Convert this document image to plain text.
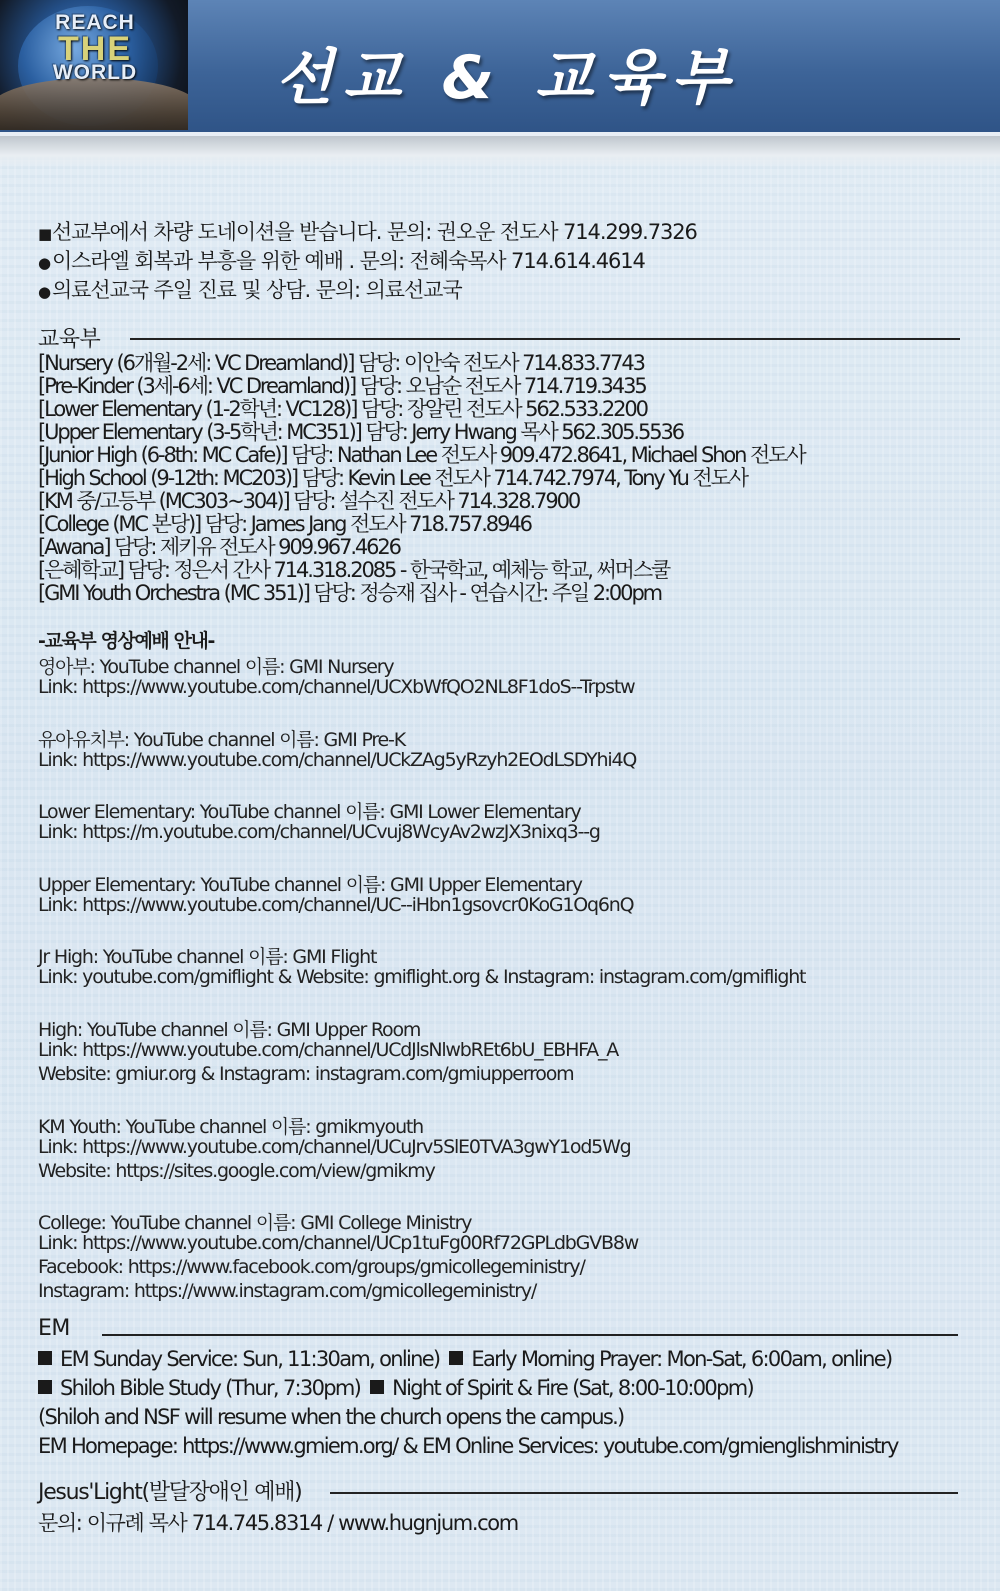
REACH
THE
WORLD	선교 & 교육부
■선교부에서 차량 도네이션을 받습니다. 문의: 권오운 전도사 714.299.7326
●이스라엘 회복과 부흥을 위한 예배 . 문의: 전혜숙목사 714.614.4614
●의료선교국 주일 진료 및 상담. 문의: 의료선교국
교육부
[Nursery (6개월-2세: VC Dreamland)] 담당: 이안숙 전도사 714.833.7743
[Pre-Kinder (3세-6세: VC Dreamland)] 담당: 오남순 전도사 714.719.3435
[Lower Elementary (1-2학년: VC128)] 담당: 장알린 전도사 562.533.2200
[Upper Elementary (3-5학년: MC351)] 담당: Jerry Hwang 목사 562.305.5536
[Junior High (6-8th: MC Cafe)] 담당: Nathan Lee 전도사 909.472.8641, Michael Shon 전도사
[High School (9-12th: MC203)] 담당: Kevin Lee 전도사 714.742.7974, Tony Yu 전도사
[KM 중/고등부 (MC303~304)] 담당: 설수진 전도사 714.328.7900
[College (MC 본당)] 담당: James Jang 전도사 718.757.8946
[Awana] 담당: 제키유 전도사 909.967.4626
[은혜학교] 담당: 정은서 간사 714.318.2085 - 한국학교, 예체능 학교, 써머스쿨
[GMI Youth Orchestra (MC 351)] 담당: 정승재 집사 - 연습시간: 주일 2:00pm
-교육부 영상예배 안내-
영아부: YouTube channel 이름: GMI Nursery
Link: https://www.youtube.com/channel/UCXbWfQO2NL8F1doS--Trpstw
유아유치부: YouTube channel 이름: GMI Pre-K
Link: https://www.youtube.com/channel/UCkZAg5yRzyh2EOdLSDYhi4Q
Lower Elementary: YouTube channel 이름: GMI Lower Elementary
Link: https://m.youtube.com/channel/UCvuj8WcyAv2wzJX3nixq3--g
Upper Elementary: YouTube channel 이름: GMI Upper Elementary
Link: https://www.youtube.com/channel/UC--iHbn1gsovcr0KoG1Oq6nQ
Jr High: YouTube channel 이름: GMI Flight
Link: youtube.com/gmiflight & Website: gmiflight.org & Instagram: instagram.com/gmiflight
High: YouTube channel 이름: GMI Upper Room
Link: https://www.youtube.com/channel/UCdJlsNlwbREt6bU_EBHFA_A
Website: gmiur.org & Instagram: instagram.com/gmiupperroom
KM Youth: YouTube channel 이름: gmikmyouth
Link: https://www.youtube.com/channel/UCuJrv5SlE0TVA3gwY1od5Wg
Website: https://sites.google.com/view/gmikmy
College: YouTube channel 이름: GMI College Ministry
Link: https://www.youtube.com/channel/UCp1tuFg00Rf72GPLdbGVB8w
Facebook: https://www.facebook.com/groups/gmicollegeministry/
Instagram: https://www.instagram.com/gmicollegeministry/
EM
EM Sunday Service: Sun, 11:30am, online) Early Morning Prayer: Mon-Sat, 6:00am, online)
Shiloh Bible Study (Thur, 7:30pm) Night of Spirit & Fire (Sat, 8:00-10:00pm)
(Shiloh and NSF will resume when the church opens the campus.)
EM Homepage: https://www.gmiem.org/ & EM Online Services: youtube.com/gmienglishministry
Jesus'Light(발달장애인 예배)
문의: 이규례 목사 714.745.8314 / www.hugnjum.com
